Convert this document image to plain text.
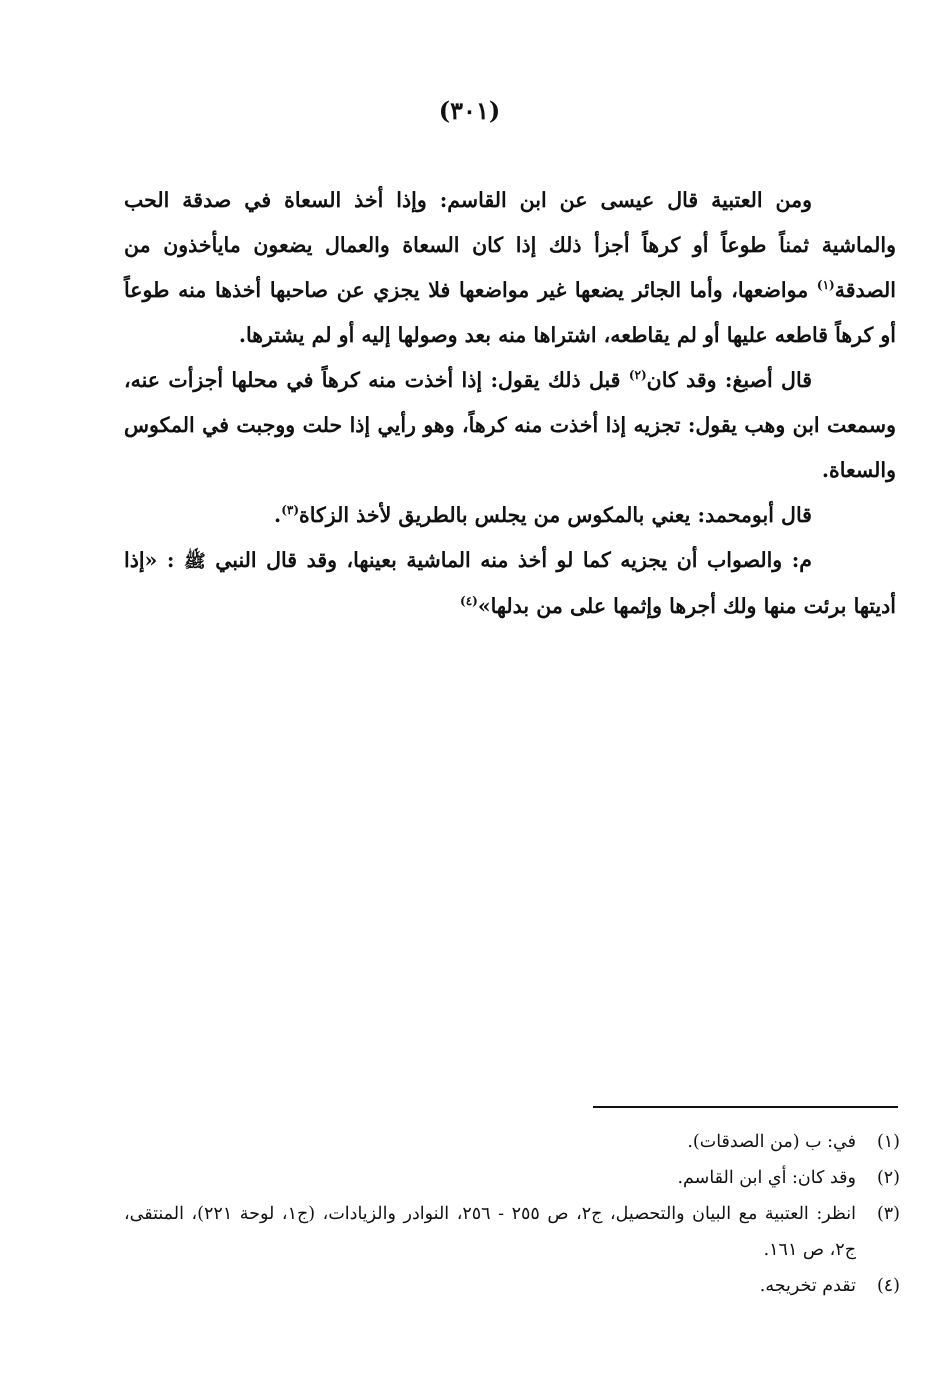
(٣٠١)

ومن العتبية قال عيسى عن ابن القاسم: وإذا أخذ السعاة في صدقة الحب والماشية ثمناً طوعاً أو كرهاً أجزأ ذلك إذا كان السعاة والعمال يضعون مايأخذون من الصدقة$^{(١)}$ مواضعها، وأما الجائر يضعها غير مواضعها فلا يجزي عن صاحبها أخذها منه طوعاً أو كرهاً قاطعه عليها أو لم يقاطعه، اشتراها منه بعد وصولها إليه أو لم يشترها.

قال أصبغ: وقد كان$^{(٢)}$ قبل ذلك يقول: إذا أخذت منه كرهاً في محلها أجزأت عنه، وسمعت ابن وهب يقول: تجزيه إذا أخذت منه كرهاً، وهو رأيي إذا حلت ووجبت في المكوس والسعاة.

قال أبومحمد: يعني بالمكوس من يجلس بالطريق لأخذ الزكاة$^{(٣)}$.

م: والصواب أن يجزيه كما لو أخذ منه الماشية بعينها، وقد قال النبي ﷺ : «إذا أديتها برئت منها ولك أجرها وإثمها على من بدلها»$^{(٤)}$

(١)
في: ب (من الصدقات).
(٢)
وقد كان: أي ابن القاسم.
(٣)
انظر: العتبية مع البيان والتحصيل، ج٢، ص ٢٥٥ - ٢٥٦، النوادر والزيادات، (ج١، لوحة ٢٢١)، المنتقى، ج٢، ص ١٦١.
(٤)
تقدم تخريجه.
